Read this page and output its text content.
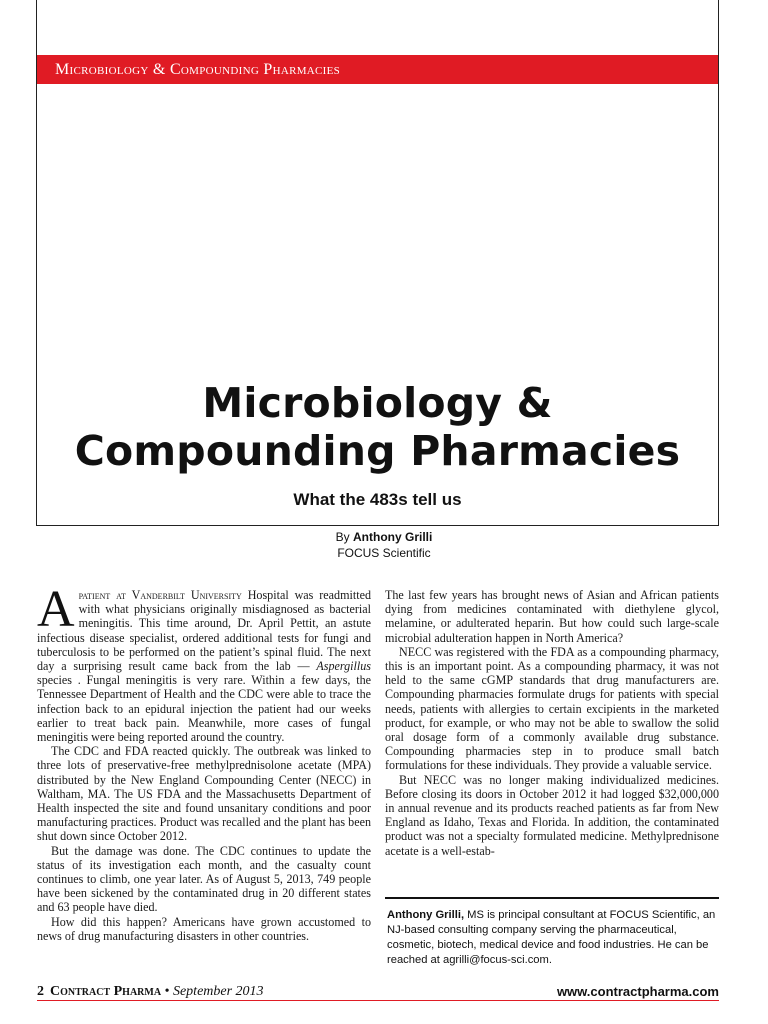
Microbiology & Compounding Pharmacies
Microbiology &
Compounding Pharmacies
What the 483s tell us
By Anthony Grilli
FOCUS Scientific

Apatient at Vanderbilt University Hospital was readmitted with what physicians originally misdiagnosed as bacterial meningitis. This time around, Dr. April Pettit, an astute infectious disease specialist, ordered additional tests for fungi and tuberculosis to be performed on the patient’s spinal fluid. The next day a surprising result came back from the lab — Aspergillus species . Fungal meningitis is very rare. Within a few days, the Tennessee Department of Health and the CDC were able to trace the infection back to an epidural injection the patient had our weeks earlier to treat back pain. Meanwhile, more cases of fungal meningitis were being reported around the country.

The CDC and FDA reacted quickly. The outbreak was linked to three lots of preservative-free methylprednisolone acetate (MPA) distributed by the New England Compounding Center (NECC) in Waltham, MA. The US FDA and the Massachusetts Department of Health inspected the site and found unsanitary conditions and poor manufacturing practices. Product was recalled and the plant has been shut down since October 2012.

But the damage was done. The CDC continues to update the status of its investigation each month, and the casualty count continues to climb, one year later. As of August 5, 2013, 749 people have been sickened by the contaminated drug in 20 different states and 63 people have died.

How did this happen? Americans have grown accustomed to news of drug manufacturing disasters in other countries.

The last few years has brought news of Asian and African patients dying from medicines contaminated with diethylene glycol, melamine, or adulterated heparin. But how could such large-scale microbial adulteration happen in North America?

NECC was registered with the FDA as a compounding pharmacy, this is an important point. As a compounding pharmacy, it was not held to the same cGMP standards that drug manufacturers are. Compounding pharmacies formulate drugs for patients with special needs, patients with allergies to certain excipients in the marketed product, for example, or who may not be able to swallow the solid oral dosage form of a commonly available drug substance. Compounding pharmacies step in to produce small batch formulations for these individuals. They provide a valuable service.

But NECC was no longer making individualized medicines. Before closing its doors in October 2012 it had logged $32,000,000 in annual revenue and its products reached patients as far from New England as Idaho, Texas and Florida. In addition, the contaminated product was not a specialty formulated medicine. Methylprednisone acetate is a well-estab-

Anthony Grilli, MS is principal consultant at FOCUS Scientific, an NJ-based consulting company serving the pharmaceutical, cosmetic, biotech, medical device and food industries. He can be reached at agrilli@focus-sci.com.
2 Contract Pharma • September 2013	www.contractpharma.com
